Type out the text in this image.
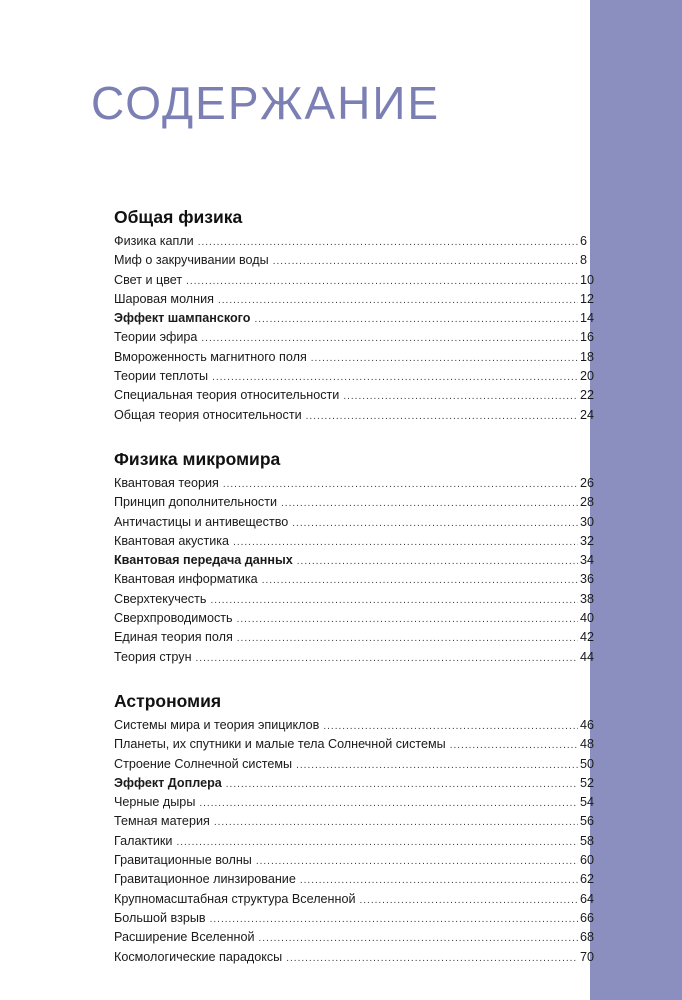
СОДЕРЖАНИЕ
Общая физика
Физика капли .....	6
Миф о закручивании воды .....	8
Свет и цвет .....	10
Шаровая молния .....	12
Эффект шампанского .....	14
Теории эфира .....	16
Вмороженность магнитного поля .....	18
Теории теплоты .....	20
Специальная теория относительности .....	22
Общая теория относительности .....	24
Физика микромира
Квантовая теория .....	26
Принцип дополнительности .....	28
Античастицы и антивещество .....	30
Квантовая акустика .....	32
Квантовая передача данных .....	34
Квантовая информатика .....	36
Сверхтекучесть .....	38
Сверхпроводимость .....	40
Единая теория поля .....	42
Теория струн .....	44
Астрономия
Системы мира и теория эпициклов .....	46
Планеты, их спутники и малые тела Солнечной системы .....	48
Строение Солнечной системы .....	50
Эффект Доплера .....	52
Черные дыры .....	54
Темная материя .....	56
Галактики .....	58
Гравитационные волны .....	60
Гравитационное линзирование .....	62
Крупномасштабная структура Вселенной .....	64
Большой взрыв .....	66
Расширение Вселенной .....	68
Космологические парадоксы .....	70
